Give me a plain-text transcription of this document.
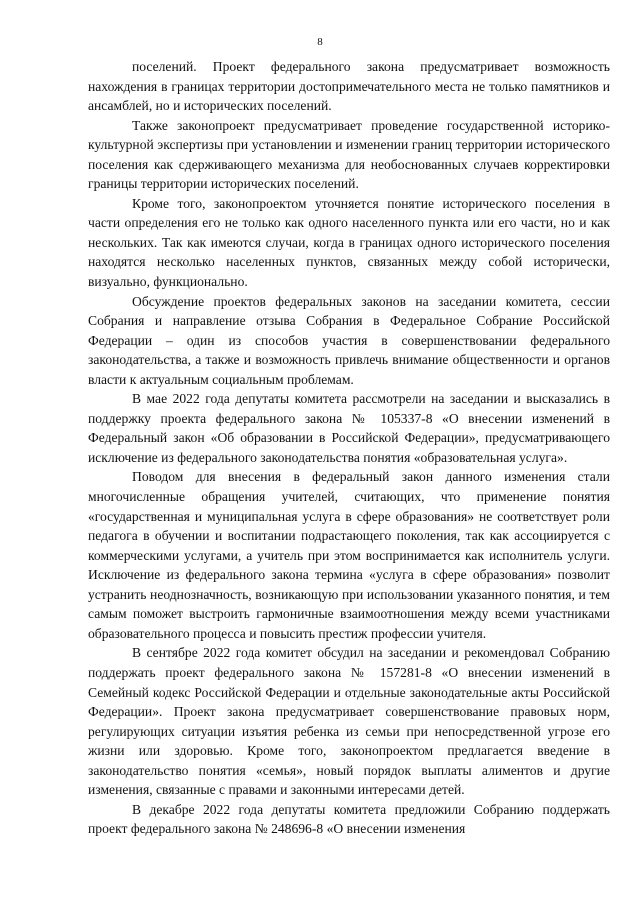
8

поселений. Проект федерального закона предусматривает возможность нахождения в границах территории достопримечательного места не только памятников и ансамблей, но и исторических поселений.

Также законопроект предусматривает проведение государственной историко-культурной экспертизы при установлении и изменении границ территории исторического поселения как сдерживающего механизма для необоснованных случаев корректировки границы территории исторических поселений.

Кроме того, законопроектом уточняется понятие исторического поселения в части определения его не только как одного населенного пункта или его части, но и как нескольких. Так как имеются случаи, когда в границах одного исторического поселения находятся несколько населенных пунктов, связанных между собой исторически, визуально, функционально.

Обсуждение проектов федеральных законов на заседании комитета, сессии Собрания и направление отзыва Собрания в Федеральное Собрание Российской Федерации – один из способов участия в совершенствовании федерального законодательства, а также и возможность привлечь внимание общественности и органов власти к актуальным социальным проблемам.

В мае 2022 года депутаты комитета рассмотрели на заседании и высказались в поддержку проекта федерального закона № 105337-8 «О внесении изменений в Федеральный закон «Об образовании в Российской Федерации», предусматривающего исключение из федерального законодательства понятия «образовательная услуга».

Поводом для внесения в федеральный закон данного изменения стали многочисленные обращения учителей, считающих, что применение понятия «государственная и муниципальная услуга в сфере образования» не соответствует роли педагога в обучении и воспитании подрастающего поколения, так как ассоциируется с коммерческими услугами, а учитель при этом воспринимается как исполнитель услуги. Исключение из федерального закона термина «услуга в сфере образования» позволит устранить неоднозначность, возникающую при использовании указанного понятия, и тем самым поможет выстроить гармоничные взаимоотношения между всеми участниками образовательного процесса и повысить престиж профессии учителя.

В сентябре 2022 года комитет обсудил на заседании и рекомендовал Собранию поддержать проект федерального закона № 157281-8 «О внесении изменений в Семейный кодекс Российской Федерации и отдельные законодательные акты Российской Федерации». Проект закона предусматривает совершенствование правовых норм, регулирующих ситуации изъятия ребенка из семьи при непосредственной угрозе его жизни или здоровью. Кроме того, законопроектом предлагается введение в законодательство понятия «семья», новый порядок выплаты алиментов и другие изменения, связанные с правами и законными интересами детей.

В декабре 2022 года депутаты комитета предложили Собранию поддержать проект федерального закона № 248696-8 «О внесении изменения
